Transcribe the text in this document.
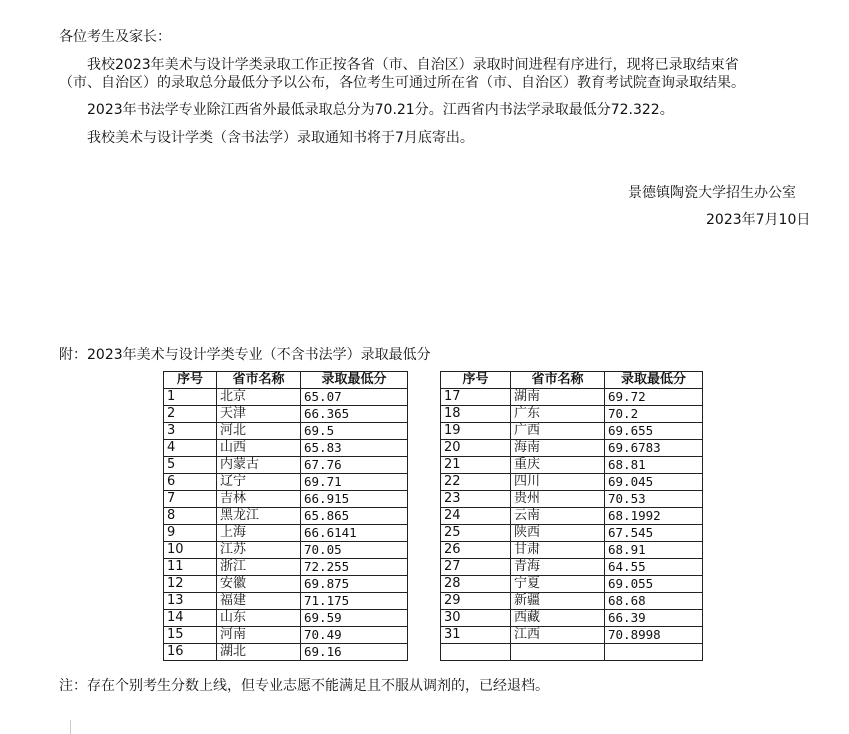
各位考生及家长：
我校2023年美术与设计学类录取工作正按各省（市、自治区）录取时间进程有序进行，现将已录取结束省
（市、自治区）的录取总分最低分予以公布，各位考生可通过所在省（市、自治区）教育考试院查询录取结果。
2023年书法学专业除江西省外最低录取总分为70.21分。江西省内书法学录取最低分72.322。
我校美术与设计学类（含书法学）录取通知书将于7月底寄出。
景德镇陶瓷大学招生办公室
2023年7月10日
附：2023年美术与设计学类专业（不含书法学）录取最低分
序号	省市名称	录取最低分
1	北京	65.07
2	天津	66.365
3	河北	69.5
4	山西	65.83
5	内蒙古	67.76
6	辽宁	69.71
7	吉林	66.915
8	黑龙江	65.865
9	上海	66.6141
10	江苏	70.05
11	浙江	72.255
12	安徽	69.875
13	福建	71.175
14	山东	69.59
15	河南	70.49
16	湖北	69.16
序号	省市名称	录取最低分
17	湖南	69.72
18	广东	70.2
19	广西	69.655
20	海南	69.6783
21	重庆	68.81
22	四川	69.045
23	贵州	70.53
24	云南	68.1992
25	陕西	67.545
26	甘肃	68.91
27	青海	64.55
28	宁夏	69.055
29	新疆	68.68
30	西藏	66.39
31	江西	70.8998

注：存在个别考生分数上线，但专业志愿不能满足且不服从调剂的，已经退档。
